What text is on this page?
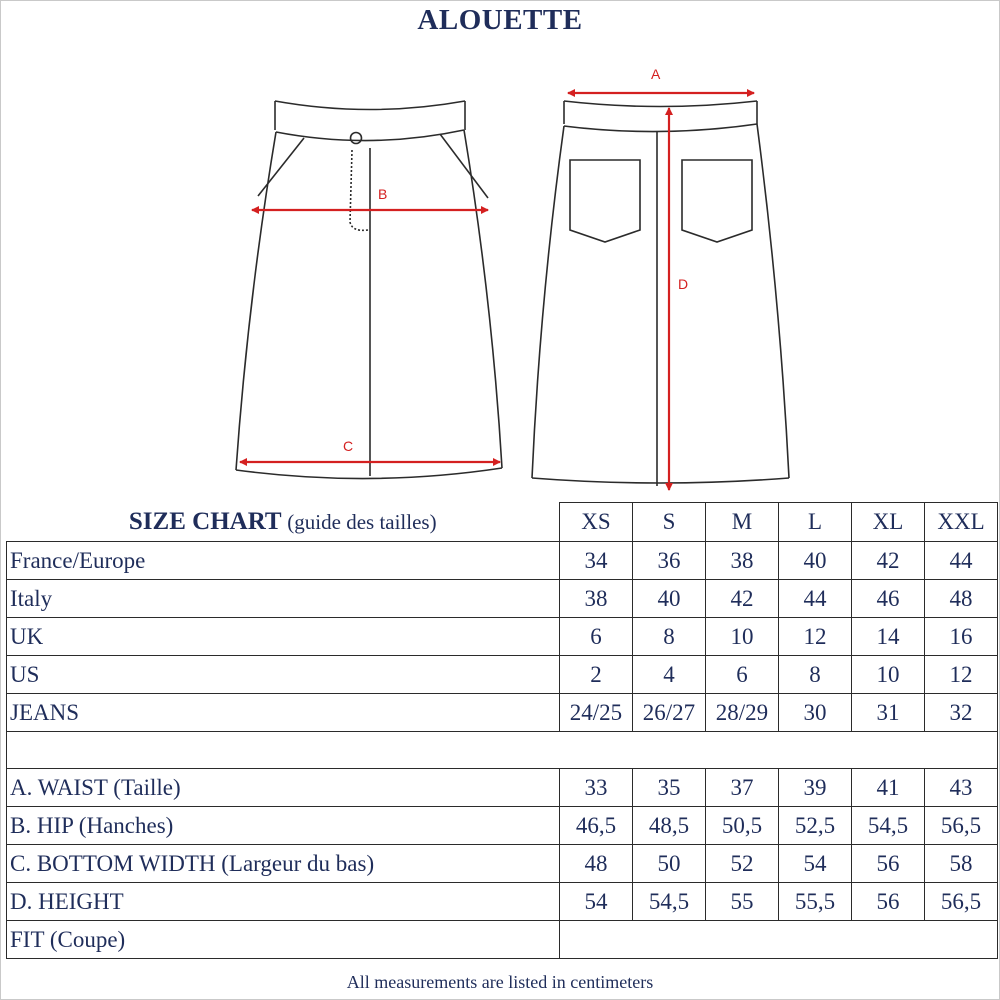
ALOUETTE
B
C
A
D
SIZE CHART (guide des tailles)	XS	S	M	L	XL	XXL
France/Europe	34	36	38	40	42	44
Italy	38	40	42	44	46	48
UK	6	8	10	12	14	16
US	2	4	6	8	10	12
JEANS	24/25	26/27	28/29	30	31	32

A. WAIST (Taille)	33	35	37	39	41	43
B. HIP (Hanches)	46,5	48,5	50,5	52,5	54,5	56,5
C. BOTTOM WIDTH (Largeur du bas)	48	50	52	54	56	58
D. HEIGHT	54	54,5	55	55,5	56	56,5
FIT (Coupe)						
All measurements are listed in centimeters
